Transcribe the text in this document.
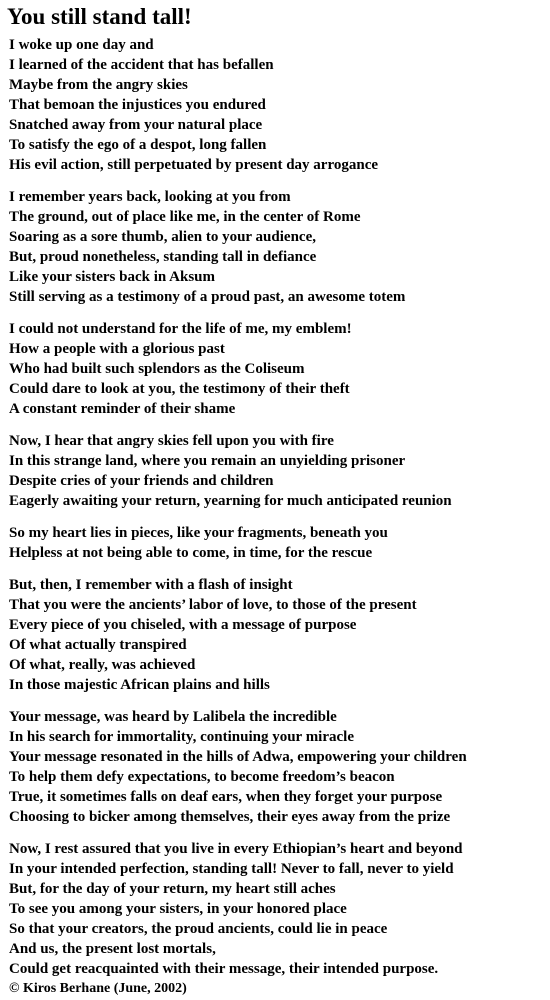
You still stand tall!
I woke up one day and
I learned of the accident that has befallen
Maybe from the angry skies
That bemoan the injustices you endured
Snatched away from your natural place
To satisfy the ego of a despot, long fallen
His evil action, still perpetuated by present day arrogance
I remember years back, looking at you from
The ground, out of place like me, in the center of Rome
Soaring as a sore thumb, alien to your audience,
But, proud nonetheless, standing tall in defiance
Like your sisters back in Aksum
Still serving as a testimony of a proud past, an awesome totem
I could not understand for the life of me, my emblem!
How a people with a glorious past
Who had built such splendors as the Coliseum
Could dare to look at you, the testimony of their theft
A constant reminder of their shame
Now, I hear that angry skies fell upon you with fire
In this strange land, where you remain an unyielding prisoner
Despite cries of your friends and children
Eagerly awaiting your return, yearning for much anticipated reunion
So my heart lies in pieces, like your fragments, beneath you
Helpless at not being able to come, in time, for the rescue
But, then, I remember with a flash of insight
That you were the ancients’ labor of love, to those of the present
Every piece of you chiseled, with a message of purpose
Of what actually transpired
Of what, really, was achieved
In those majestic African plains and hills
Your message, was heard by Lalibela the incredible
In his search for immortality, continuing your miracle
Your message resonated in the hills of Adwa, empowering your children
To help them defy expectations, to become freedom’s beacon
True, it sometimes falls on deaf ears, when they forget your purpose
Choosing to bicker among themselves, their eyes away from the prize
Now, I rest assured that you live in every Ethiopian’s heart and beyond
In your intended perfection, standing tall! Never to fall, never to yield
But, for the day of your return, my heart still aches
To see you among your sisters, in your honored place
So that your creators, the proud ancients, could lie in peace
And us, the present lost mortals,
Could get reacquainted with their message, their intended purpose.
© Kiros Berhane (June, 2002)
